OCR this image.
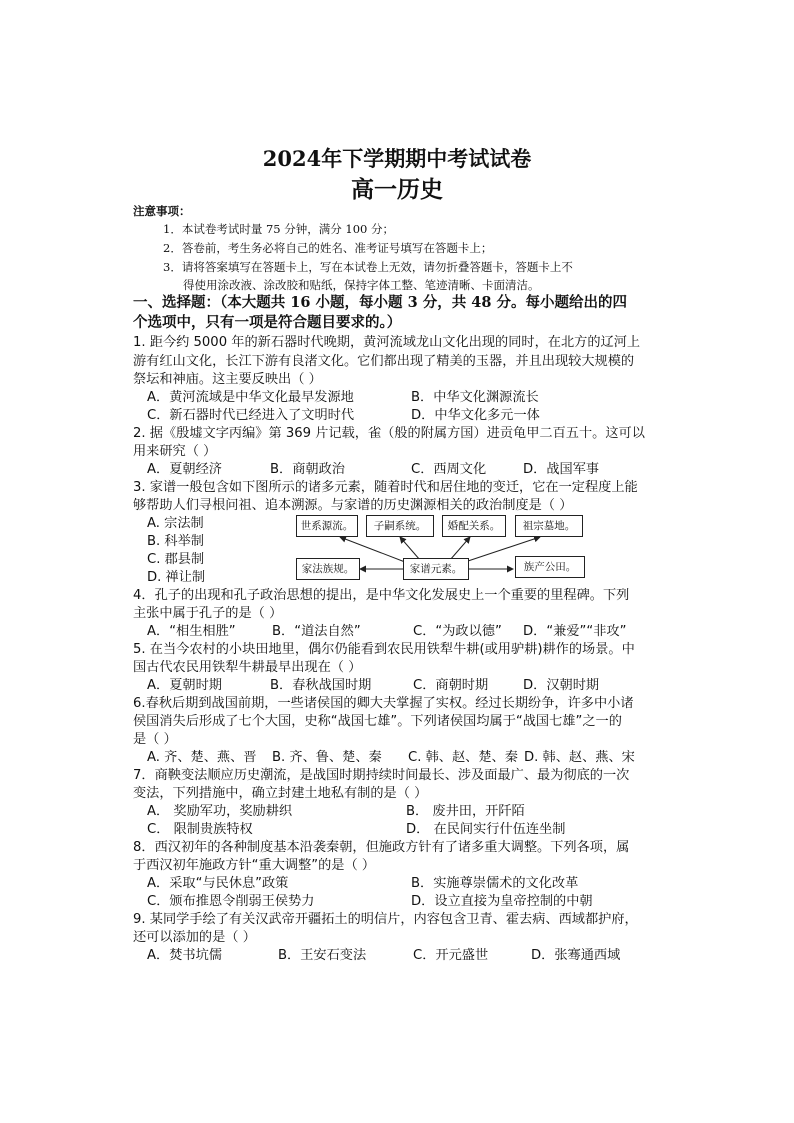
2024年下学期期中考试试卷
高一历史
注意事项：
1．本试卷考试时量 75 分钟，满分 100 分；
2．答卷前，考生务必将自己的姓名、准考证号填写在答题卡上；
3．请将答案填写在答题卡上，写在本试卷上无效，请勿折叠答题卡，答题卡上不
得使用涂改液、涂改胶和贴纸，保持字体工整、笔迹清晰、卡面清洁。
一、选择题：（本大题共 16 小题，每小题 3 分，共 48 分。每小题给出的四
个选项中，只有一项是符合题目要求的。）
1. 距今约 5000 年的新石器时代晚期，黄河流域龙山文化出现的同时，在北方的辽河上
游有红山文化，长江下游有良渚文化。它们都出现了精美的玉器，并且出现较大规模的
祭坛和神庙。这主要反映出（ ）
A．黄河流域是中华文化最早发源地	B．中华文化渊源流长
C．新石器时代已经进入了文明时代	D．中华文化多元一体
2. 据《殷墟文字丙编》第 369 片记载，雀（般的附属方国）进贡龟甲二百五十。这可以
用来研究（ ）
A．夏朝经济	B．商朝政治	C．西周文化	D．战国军事
3. 家谱一般包含如下图所示的诸多元素，随着时代和居住地的变迁，它在一定程度上能
够帮助人们寻根问祖、追本溯源。与家谱的历史渊源相关的政治制度是（ ）
A. 宗法制
B. 科举制
C. 郡县制
D. 禅让制
世系源流。	子嗣系统。	婚配关系。	祖宗墓地。
家法族规。	家谱元素。	族产公田。
4．孔子的出现和孔子政治思想的提出，是中华文化发展史上一个重要的里程碑。下列
主张中属于孔子的是（ ）
A．“相生相胜”	B．“道法自然”	C．“为政以德” D．“兼爱”“非攻”
5. 在当今农村的小块田地里，偶尔仍能看到农民用铁犁牛耕(或用驴耕)耕作的场景。中
国古代农民用铁犁牛耕最早出现在（ ）
A．夏朝时期	B．春秋战国时期	C．商朝时期	D．汉朝时期
6.春秋后期到战国前期，一些诸侯国的卿大夫掌握了实权。经过长期纷争，许多中小诸
侯国消失后形成了七个大国，史称“战国七雄”。下列诸侯国均属于“战国七雄”之一的
是（ ）
A. 齐、楚、燕、晋 B. 齐、鲁、楚、秦 C. 韩、赵、楚、秦 D. 韩、赵、燕、宋
7．商鞅变法顺应历史潮流，是战国时期持续时间最长、涉及面最广、最为彻底的一次
变法，下列措施中，确立封建土地私有制的是（ ）
A． 奖励军功，奖励耕织	B． 废井田，开阡陌
C． 限制贵族特权	D． 在民间实行什伍连坐制
8．西汉初年的各种制度基本沿袭秦朝，但施政方针有了诸多重大调整。下列各项，属
于西汉初年施政方针“重大调整”的是（ ）
A．采取“与民休息”政策	B．实施尊崇儒术的文化改革
C．颁布推恩令削弱王侯势力	D．设立直接为皇帝控制的中朝
9. 某同学手绘了有关汉武帝开疆拓土的明信片，内容包含卫青、霍去病、西域都护府，
还可以添加的是（ ）
A．焚书坑儒	B．王安石变法	C．开元盛世	D．张骞通西域
